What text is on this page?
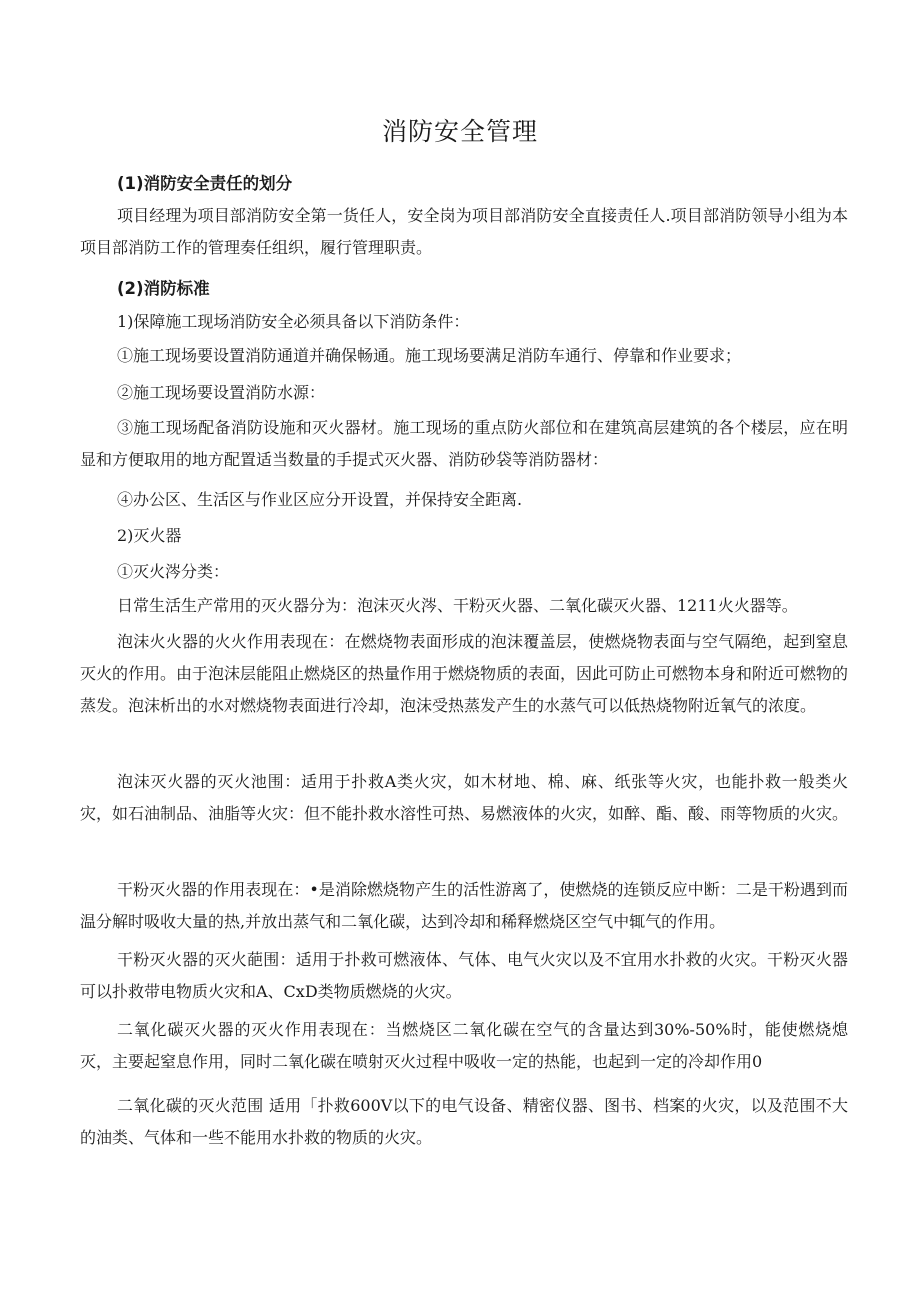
消防安全管理
(1)消防安全责任的划分

项目经理为项目部消防安全第一货任人，安全岗为项目部消防安全直接责任人.项目部消防领导小组为本项目部消防工作的管理奏任组织，履行管理职责。

(2)消防标准

1)保障施工现场消防安全必须具备以下消防条件：

①施工现场要设置消防通道并确保畅通。施工现场要满足消防车通行、停靠和作业要求；

②施工现场要设置消防水源：

③施工现场配备消防设施和灭火器材。施工现场的重点防火部位和在建筑高层建筑的各个楼层，应在明显和方便取用的地方配置适当数量的手提式灭火器、消防砂袋等消防器材：

④办公区、生活区与作业区应分开设置，并保持安全距离.

2)灭火器

①灭火涔分类：

日常生活生产常用的灭火器分为：泡沫灭火涔、干粉灭火器、二氧化碳灭火器、1211火火器等。

泡沫火火器的火火作用表现在：在燃烧物表面形成的泡沫覆盖层，使燃烧物表面与空气隔绝，起到窒息灭火的作用。由于泡沫层能阻止燃烧区的热量作用于燃烧物质的表面，因此可防止可燃物本身和附近可燃物的蒸发。泡沫析出的水对燃烧物表面进行冷却，泡沫受热蒸发产生的水蒸气可以低热烧物附近氧气的浓度。

泡沫灭火器的灭火池围：适用于扑救A类火灾，如木材地、棉、麻、纸张等火灾，也能扑救一般类火灾，如石油制品、油脂等火灾：但不能扑救水溶性可热、易燃液体的火灾，如醉、酯、酸、雨等物质的火灾。

干粉灭火器的作用表现在：•是消除燃烧物产生的活性游离了，使燃烧的连锁反应中断：二是干粉遇到而温分解时吸收大量的热,并放出蒸气和二氧化碳，达到冷却和稀释燃烧区空气中辄气的作用。

干粉灭火器的灭火葩围：适用于扑救可燃液体、气体、电气火灾以及不宜用水扑救的火灾。干粉灭火器可以扑救带电物质火灾和A、CxD类物质燃烧的火灾。

二氧化碳灭火器的灭火作用表现在：当燃烧区二氧化碳在空气的含量达到30%-50%时，能使燃烧熄灭，主要起窒息作用，同时二氧化碳在喷射灭火过程中吸收一定的热能，也起到一定的冷却作用0

二氧化碳的灭火范围 适用「扑救600V以下的电气设备、精密仪器、图书、档案的火灾，以及范围不大的油类、气体和一些不能用水扑救的物质的火灾。
